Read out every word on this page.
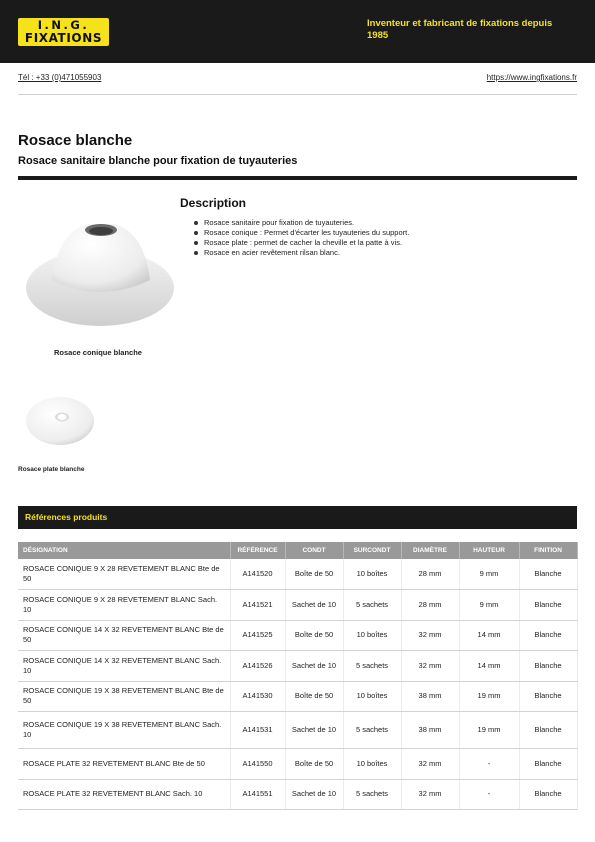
I.N.G.
FIXATIONS
Inventeur et fabricant de fixations depuis 1985
Tél : +33 (0)471055903	https://www.ingfixations.fr
Rosace blanche
Rosace sanitaire blanche pour fixation de tuyauteries
Rosace conique blanche
Rosace plate blanche
Description
Rosace sanitaire pour fixation de tuyauteries.
Rosace conique : Permet d'écarter les tuyauteries du support.
Rosace plate : permet de cacher la cheville et la patte à vis.
Rosace en acier revêtement rilsan blanc.
Références produits
DÉSIGNATION	RÉFÉRENCE	CONDT	SURCONDT	DIAMÈTRE	HAUTEUR	FINITION
ROSACE CONIQUE 9 X 28 REVETEMENT BLANC Bte de 50	A141520	Boîte de 50	10 boîtes	28 mm	9 mm	Blanche
ROSACE CONIQUE 9 X 28 REVETEMENT BLANC Sach. 10	A141521	Sachet de 10	5 sachets	28 mm	9 mm	Blanche
ROSACE CONIQUE 14 X 32 REVETEMENT BLANC Bte de 50	A141525	Boîte de 50	10 boîtes	32 mm	14 mm	Blanche
ROSACE CONIQUE 14 X 32 REVETEMENT BLANC Sach. 10	A141526	Sachet de 10	5 sachets	32 mm	14 mm	Blanche
ROSACE CONIQUE 19 X 38 REVETEMENT BLANC Bte de 50	A141530	Boîte de 50	10 boîtes	38 mm	19 mm	Blanche
ROSACE CONIQUE 19 X 38 REVETEMENT BLANC Sach. 10	A141531	Sachet de 10	5 sachets	38 mm	19 mm	Blanche
ROSACE PLATE 32 REVETEMENT BLANC Bte de 50	A141550	Boîte de 50	10 boîtes	32 mm	-	Blanche
ROSACE PLATE 32 REVETEMENT BLANC Sach. 10	A141551	Sachet de 10	5 sachets	32 mm	-	Blanche
